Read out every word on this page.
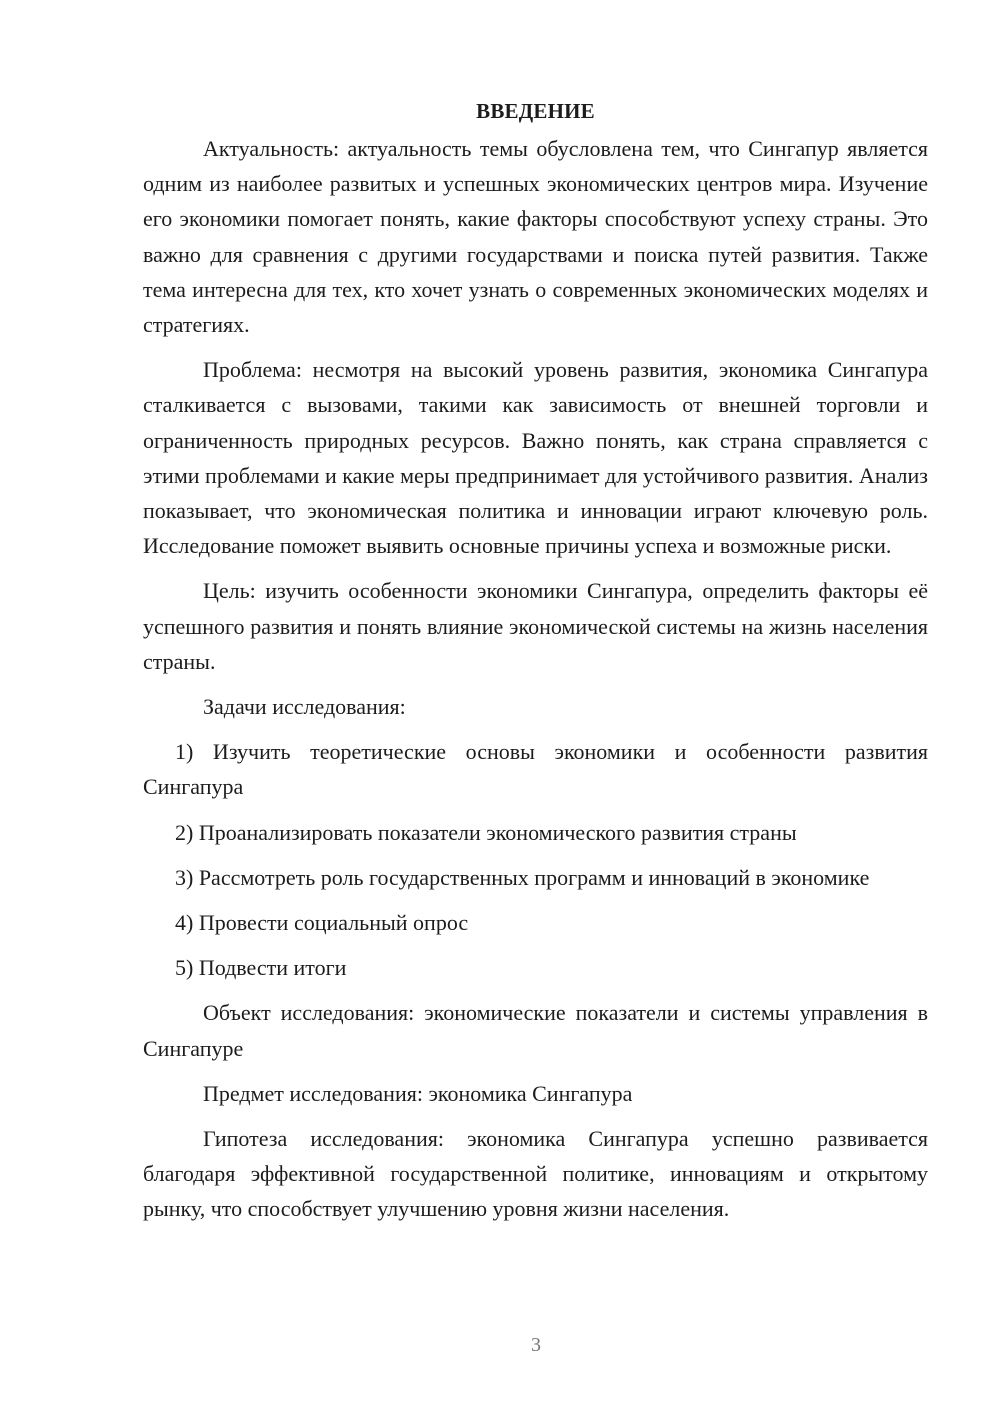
ВВЕДЕНИЕ

Актуальность: актуальность темы обусловлена тем, что Сингапур является одним из наиболее развитых и успешных экономических центров мира. Изучение его экономики помогает понять, какие факторы способствуют успеху страны. Это важно для сравнения с другими государствами и поиска путей развития. Также тема интересна для тех, кто хочет узнать о современных экономических моделях и стратегиях.

Проблема: несмотря на высокий уровень развития, экономика Сингапура сталкивается с вызовами, такими как зависимость от внешней торговли и ограниченность природных ресурсов. Важно понять, как страна справляется с этими проблемами и какие меры предпринимает для устойчивого развития. Анализ показывает, что экономическая политика и инновации играют ключевую роль. Исследование поможет выявить основные причины успеха и возможные риски.

Цель: изучить особенности экономики Сингапура, определить факторы её успешного развития и понять влияние экономической системы на жизнь населения страны.

Задачи исследования:

1) Изучить теоретические основы экономики и особенности развития Сингапура

2) Проанализировать показатели экономического развития страны

3) Рассмотреть роль государственных программ и инноваций в экономике

4) Провести социальный опрос

5) Подвести итоги

Объект исследования: экономические показатели и системы управления в Сингапуре

Предмет исследования: экономика Сингапура

Гипотеза исследования: экономика Сингапура успешно развивается благодаря эффективной государственной политике, инновациям и открытому рынку, что способствует улучшению уровня жизни населения.

3
